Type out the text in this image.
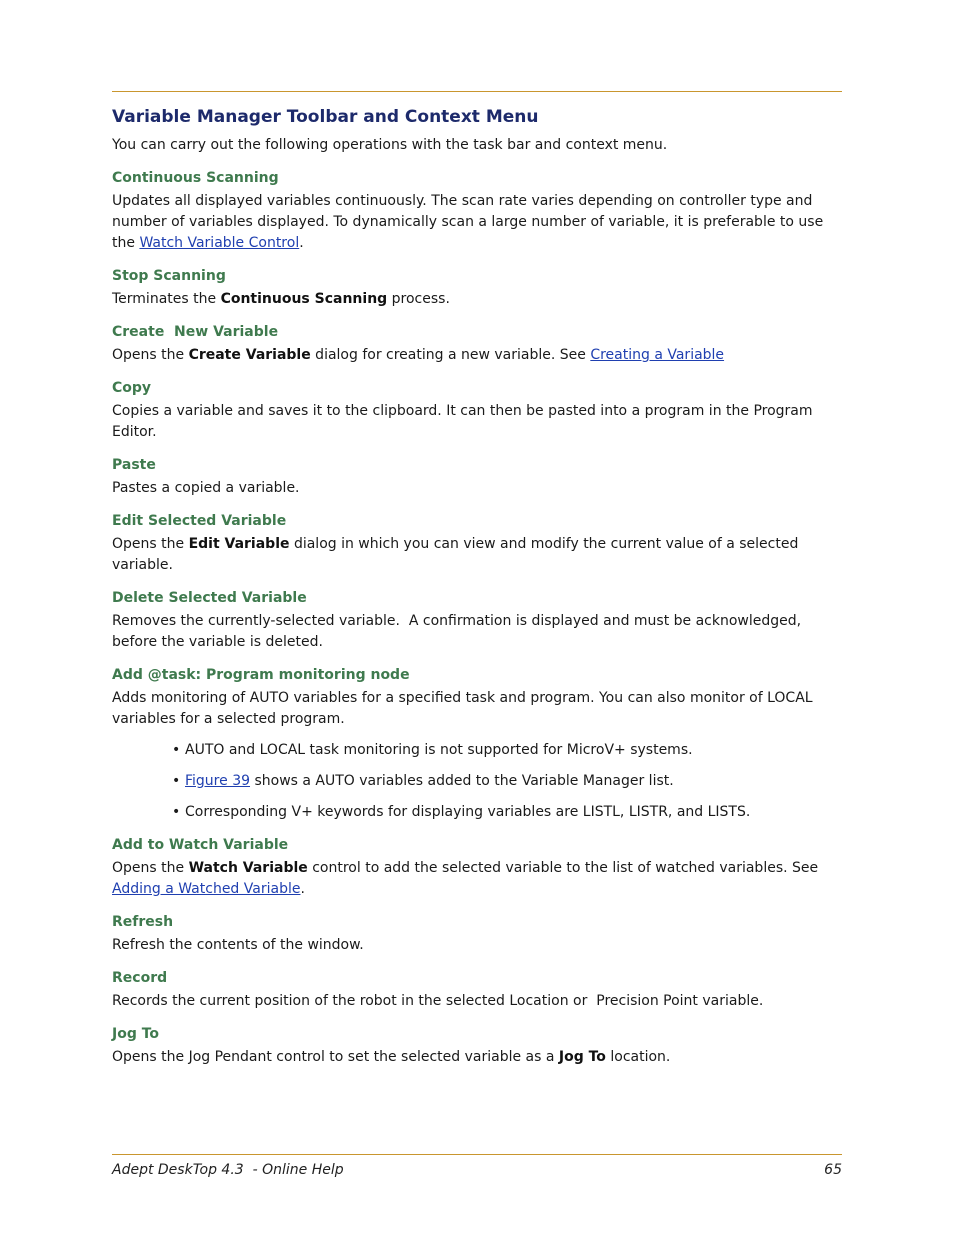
Variable Manager Toolbar and Context Menu

You can carry out the following operations with the task bar and context menu.

Continuous Scanning

Updates all displayed variables continuously. The scan rate varies depending on controller type and number of variables displayed. To dynamically scan a large number of variable, it is preferable to use the Watch Variable Control.

Stop Scanning

Terminates the Continuous Scanning process.

Create  New Variable

Opens the Create Variable dialog for creating a new variable. See Creating a Variable

Copy

Copies a variable and saves it to the clipboard. It can then be pasted into a program in the Program Editor.

Paste

Pastes a copied a variable.

Edit Selected Variable

Opens the Edit Variable dialog in which you can view and modify the current value of a selected variable.

Delete Selected Variable

Removes the currently-selected variable.  A confirmation is displayed and must be acknowledged, before the variable is deleted.

Add @task: Program monitoring node

Adds monitoring of AUTO variables for a specified task and program. You can also monitor of LOCAL variables for a selected program.

• AUTO and LOCAL task monitoring is not supported for MicroV+ systems.
• Figure 39 shows a AUTO variables added to the Variable Manager list.
• Corresponding V+ keywords for displaying variables are LISTL, LISTR, and LISTS.
Add to Watch Variable

Opens the Watch Variable control to add the selected variable to the list of watched variables. See Adding a Watched Variable.

Refresh

Refresh the contents of the window.

Record

Records the current position of the robot in the selected Location or  Precision Point variable.

Jog To

Opens the Jog Pendant control to set the selected variable as a Jog To location.

Adept DeskTop 4.3  - Online Help	65
